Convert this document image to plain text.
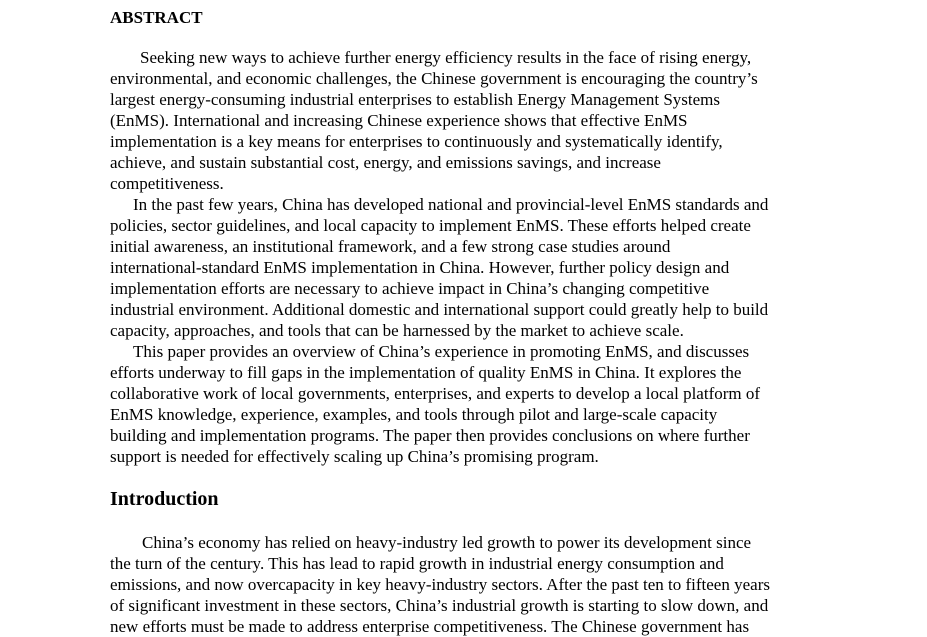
ABSTRACT

Seeking new ways to achieve further energy efficiency results in the face of rising energy,
environmental, and economic challenges, the Chinese government is encouraging the country’s
largest energy-consuming industrial enterprises to establish Energy Management Systems
(EnMS). International and increasing Chinese experience shows that effective EnMS
implementation is a key means for enterprises to continuously and systematically identify,
achieve, and sustain substantial cost, energy, and emissions savings, and increase
competitiveness.

In the past few years, China has developed national and provincial-level EnMS standards and
policies, sector guidelines, and local capacity to implement EnMS. These efforts helped create
initial awareness, an institutional framework, and a few strong case studies around
international-standard EnMS implementation in China. However, further policy design and
implementation efforts are necessary to achieve impact in China’s changing competitive
industrial environment. Additional domestic and international support could greatly help to build
capacity, approaches, and tools that can be harnessed by the market to achieve scale.

This paper provides an overview of China’s experience in promoting EnMS, and discusses
efforts underway to fill gaps in the implementation of quality EnMS in China. It explores the
collaborative work of local governments, enterprises, and experts to develop a local platform of
EnMS knowledge, experience, examples, and tools through pilot and large-scale capacity
building and implementation programs. The paper then provides conclusions on where further
support is needed for effectively scaling up China’s promising program.

Introduction

China’s economy has relied on heavy-industry led growth to power its development since
the turn of the century. This has lead to rapid growth in industrial energy consumption and
emissions, and now overcapacity in key heavy-industry sectors. After the past ten to fifteen years
of significant investment in these sectors, China’s industrial growth is starting to slow down, and
new efforts must be made to address enterprise competitiveness. The Chinese government has
